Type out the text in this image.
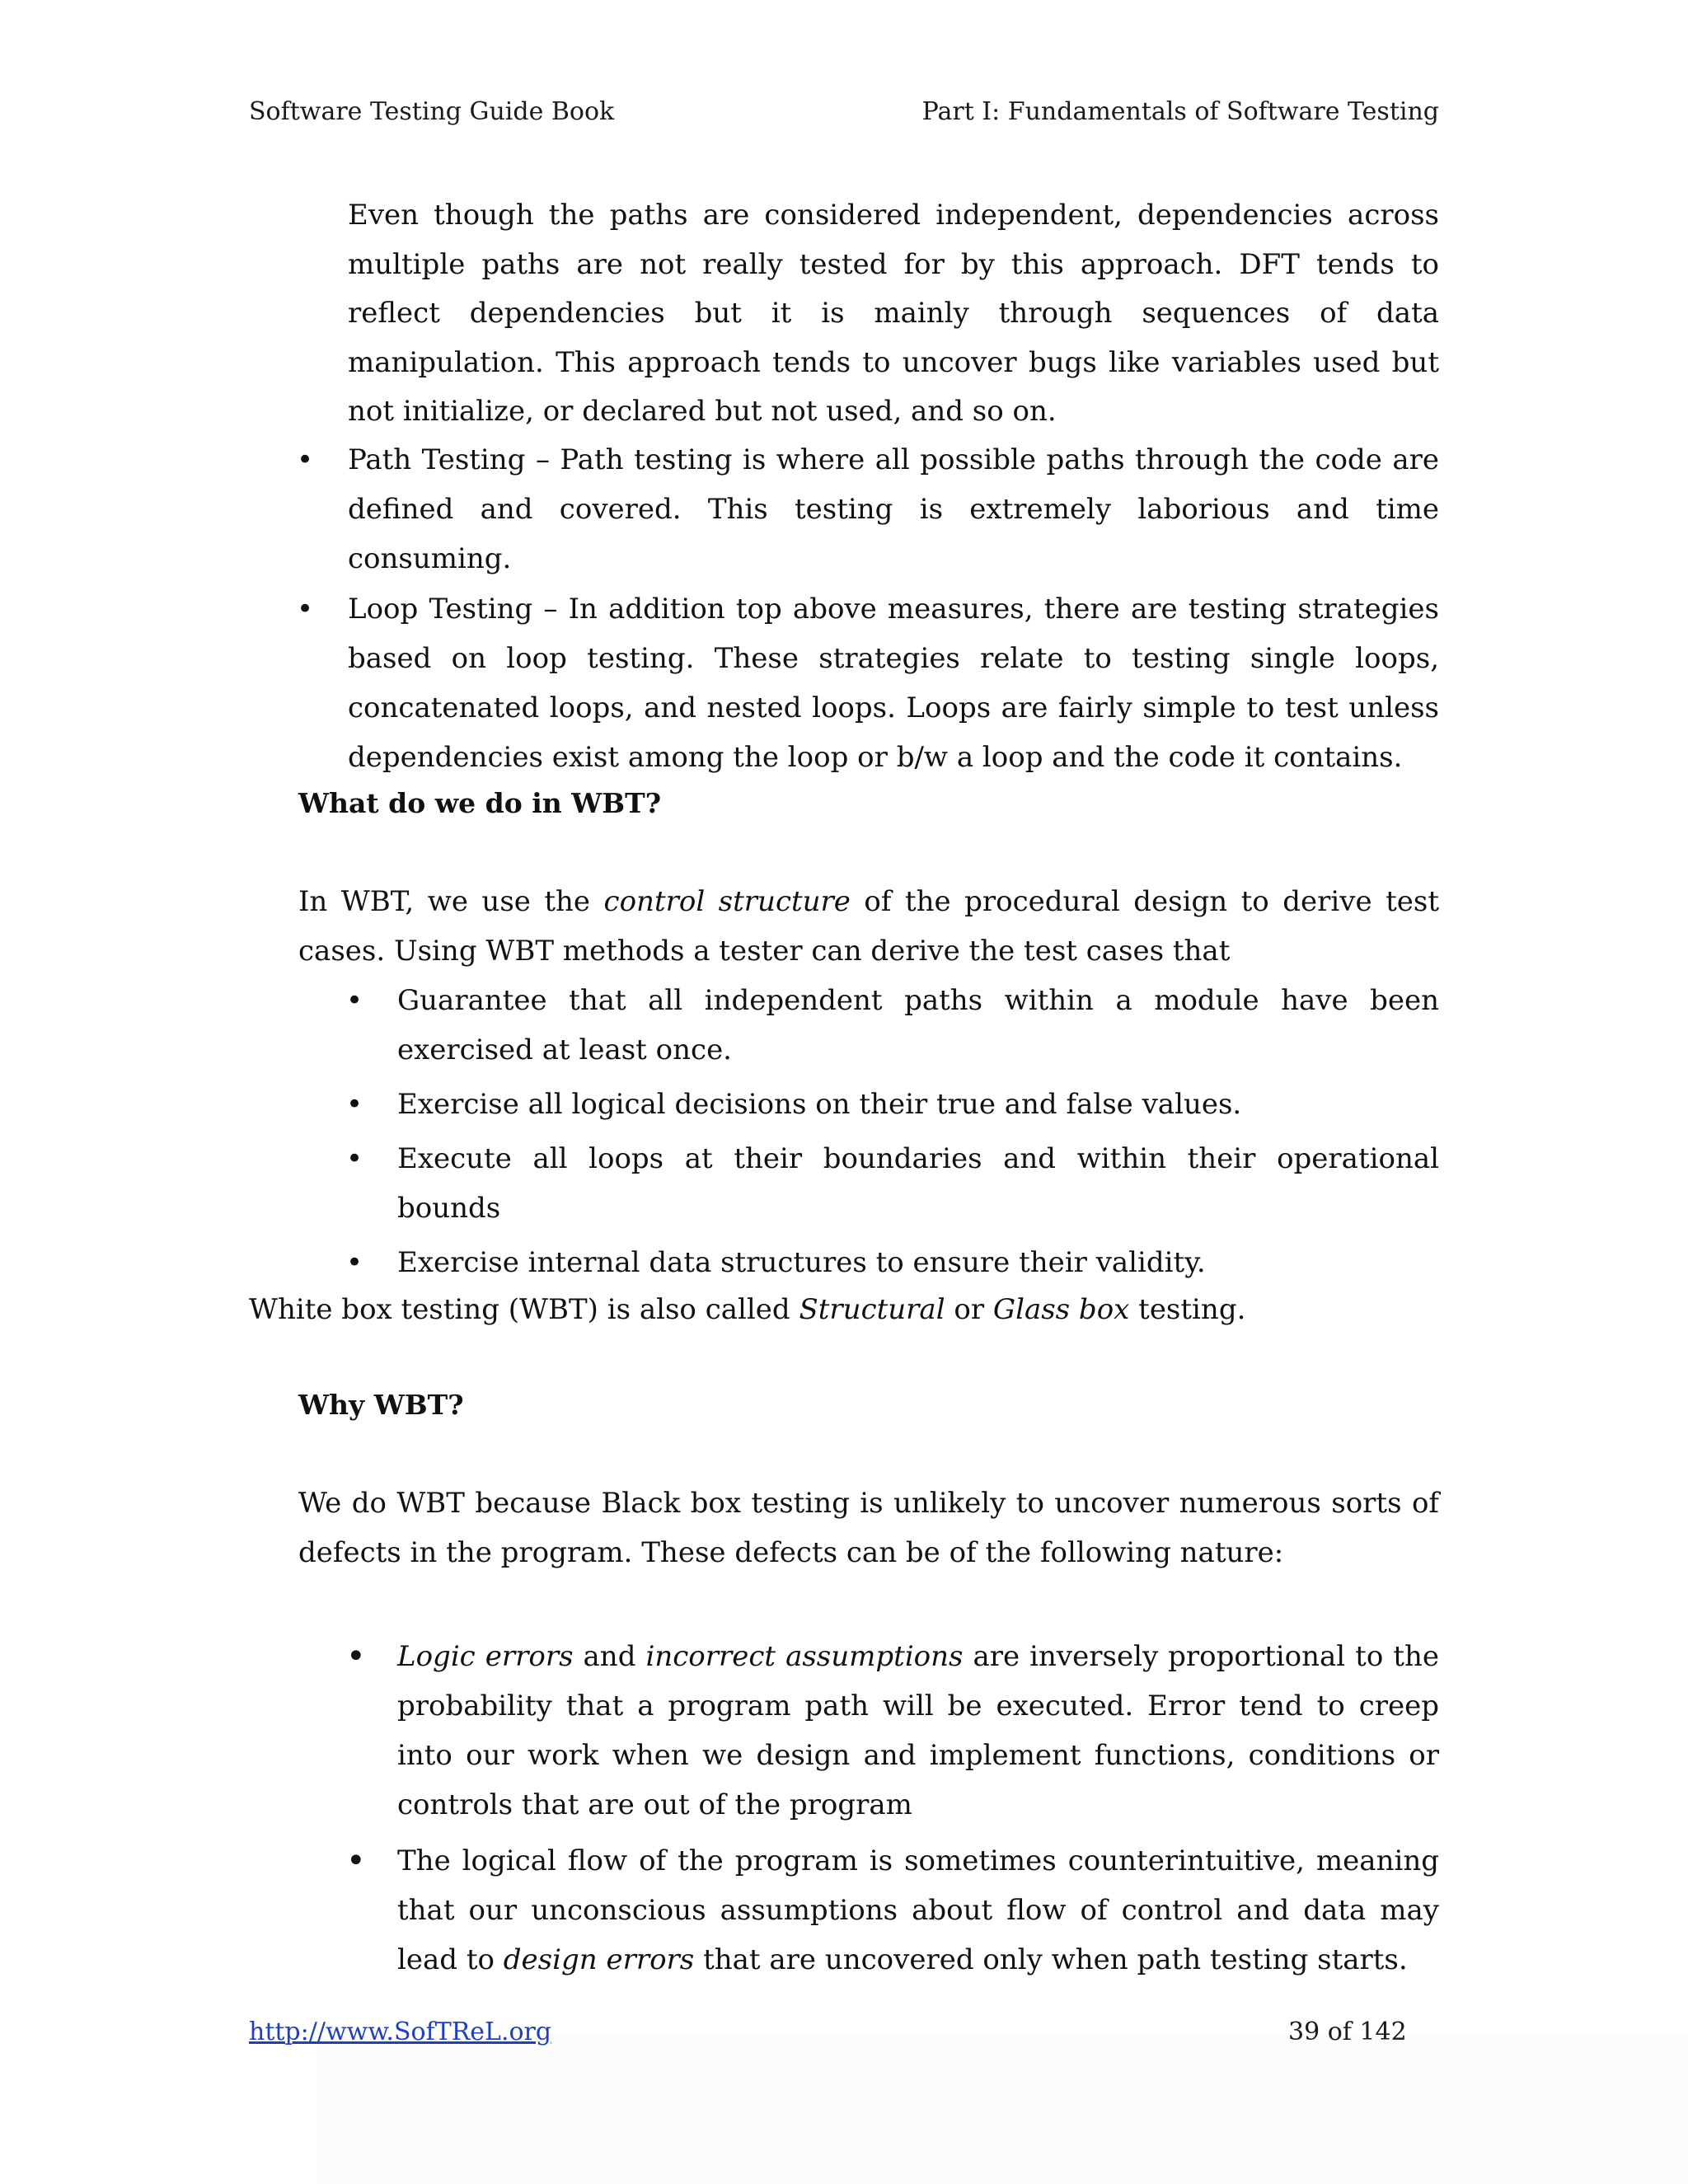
Software Testing Guide Book	Part I: Fundamentals of Software Testing

Even though the paths are considered independent, dependencies across multiple paths are not really tested for by this approach. DFT tends to reflect dependencies but it is mainly through sequences of data manipulation. This approach tends to uncover bugs like variables used but not initialize, or declared but not used, and so on.

• Path Testing – Path testing is where all possible paths through the code are defined and covered. This testing is extremely laborious and time consuming.
• Loop Testing – In addition top above measures, there are testing strategies based on loop testing. These strategies relate to testing single loops, concatenated loops, and nested loops. Loops are fairly simple to test unless dependencies exist among the loop or b/w a loop and the code it contains.
What do we do in WBT?

In WBT, we use the control structure of the procedural design to derive test cases. Using WBT methods a tester can derive the test cases that

• Guarantee that all independent paths within a module have been exercised at least once.
• Exercise all logical decisions on their true and false values.
• Execute all loops at their boundaries and within their operational bounds
• Exercise internal data structures to ensure their validity.

White box testing (WBT) is also called Structural or Glass box testing.

Why WBT?

We do WBT because Black box testing is unlikely to uncover numerous sorts of defects in the program. These defects can be of the following nature:

• Logic errors and incorrect assumptions are inversely proportional to the probability that a program path will be executed. Error tend to creep into our work when we design and implement functions, conditions or controls that are out of the program
• The logical flow of the program is sometimes counterintuitive, meaning that our unconscious assumptions about flow of control and data may lead to design errors that are uncovered only when path testing starts.
http://www.SofTReL.org	39 of 142
